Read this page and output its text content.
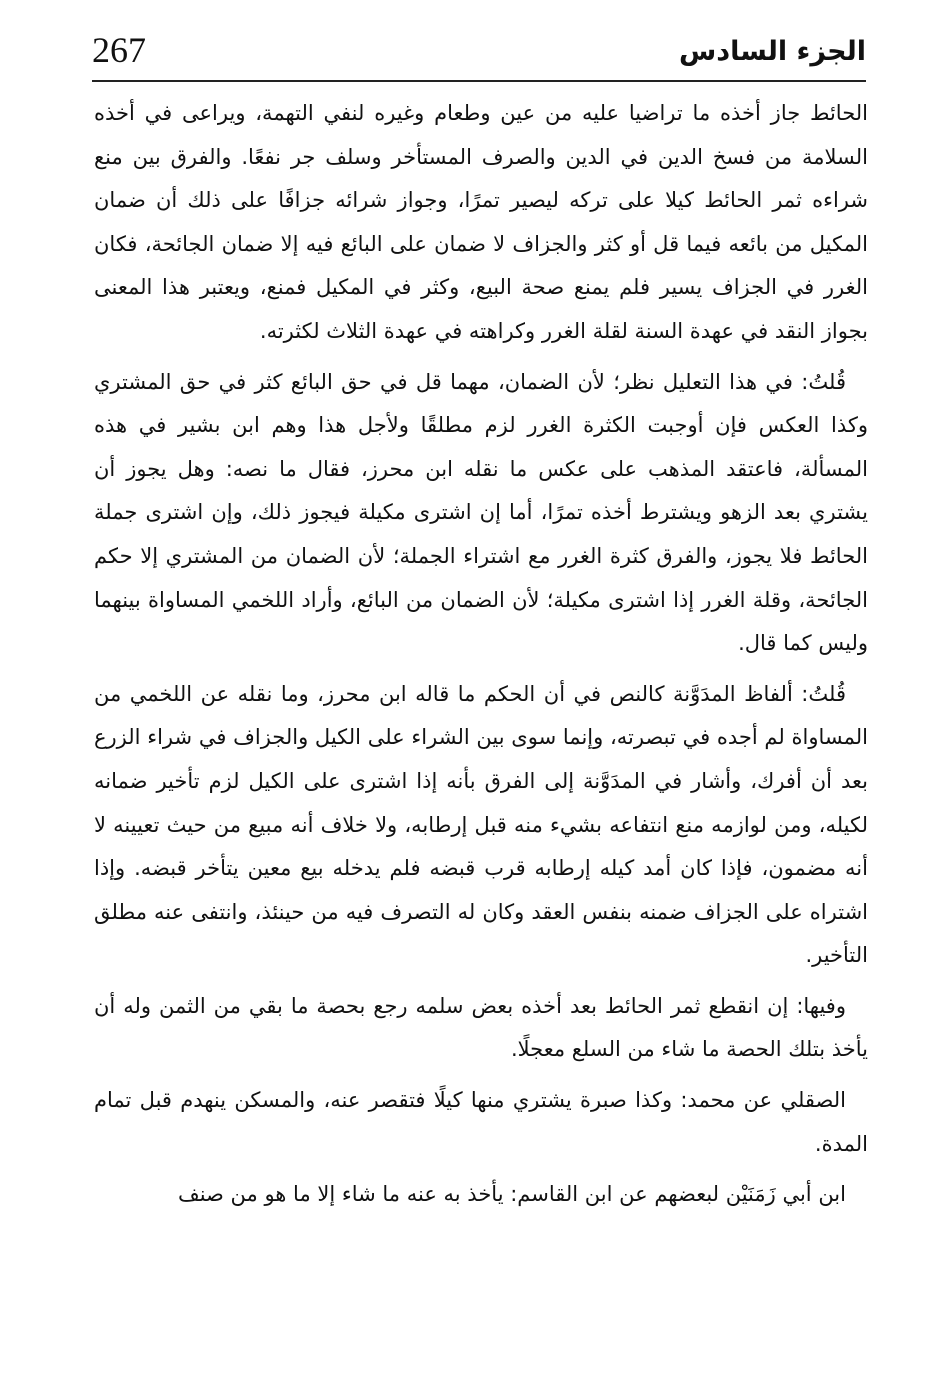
267	الجزء السادس

الحائط جاز أخذه ما تراضيا عليه من عين وطعام وغيره لنفي التهمة، ويراعى في أخذه السلامة من فسخ الدين في الدين والصرف المستأخر وسلف جر نفعًا. والفرق بين منع شراءه ثمر الحائط كيلا على تركه ليصير تمرًا، وجواز شرائه جزافًا على ذلك أن ضمان المكيل من بائعه فيما قل أو كثر والجزاف لا ضمان على البائع فيه إلا ضمان الجائحة، فكان الغرر في الجزاف يسير فلم يمنع صحة البيع، وكثر في المكيل فمنع، ويعتبر هذا المعنى بجواز النقد في عهدة السنة لقلة الغرر وكراهته في عهدة الثلاث لكثرته.

قُلتُ: في هذا التعليل نظر؛ لأن الضمان، مهما قل في حق البائع كثر في حق المشتري وكذا العكس فإن أوجبت الكثرة الغرر لزم مطلقًا ولأجل هذا وهم ابن بشير في هذه المسألة، فاعتقد المذهب على عكس ما نقله ابن محرز، فقال ما نصه: وهل يجوز أن يشتري بعد الزهو ويشترط أخذه تمرًا، أما إن اشترى مكيلة فيجوز ذلك، وإن اشترى جملة الحائط فلا يجوز، والفرق كثرة الغرر مع اشتراء الجملة؛ لأن الضمان من المشتري إلا حكم الجائحة، وقلة الغرر إذا اشترى مكيلة؛ لأن الضمان من البائع، وأراد اللخمي المساواة بينهما وليس كما قال.

قُلتُ: ألفاظ المدَوَّنة كالنص في أن الحكم ما قاله ابن محرز، وما نقله عن اللخمي من المساواة لم أجده في تبصرته، وإنما سوى بين الشراء على الكيل والجزاف في شراء الزرع بعد أن أفرك، وأشار في المدَوَّنة إلى الفرق بأنه إذا اشترى على الكيل لزم تأخير ضمانه لكيله، ومن لوازمه منع انتفاعه بشيء منه قبل إرطابه، ولا خلاف أنه مبيع من حيث تعيينه لا أنه مضمون، فإذا كان أمد كيله إرطابه قرب قبضه فلم يدخله بيع معين يتأخر قبضه. وإذا اشتراه على الجزاف ضمنه بنفس العقد وكان له التصرف فيه من حينئذ، وانتفى عنه مطلق التأخير.

وفيها: إن انقطع ثمر الحائط بعد أخذه بعض سلمه رجع بحصة ما بقي من الثمن وله أن يأخذ بتلك الحصة ما شاء من السلع معجلًا.

الصقلي عن محمد: وكذا صبرة يشتري منها كيلًا فتقصر عنه، والمسكن ينهدم قبل تمام المدة.

ابن أبي زَمَنَيْن لبعضهم عن ابن القاسم: يأخذ به عنه ما شاء إلا ما هو من صنف
